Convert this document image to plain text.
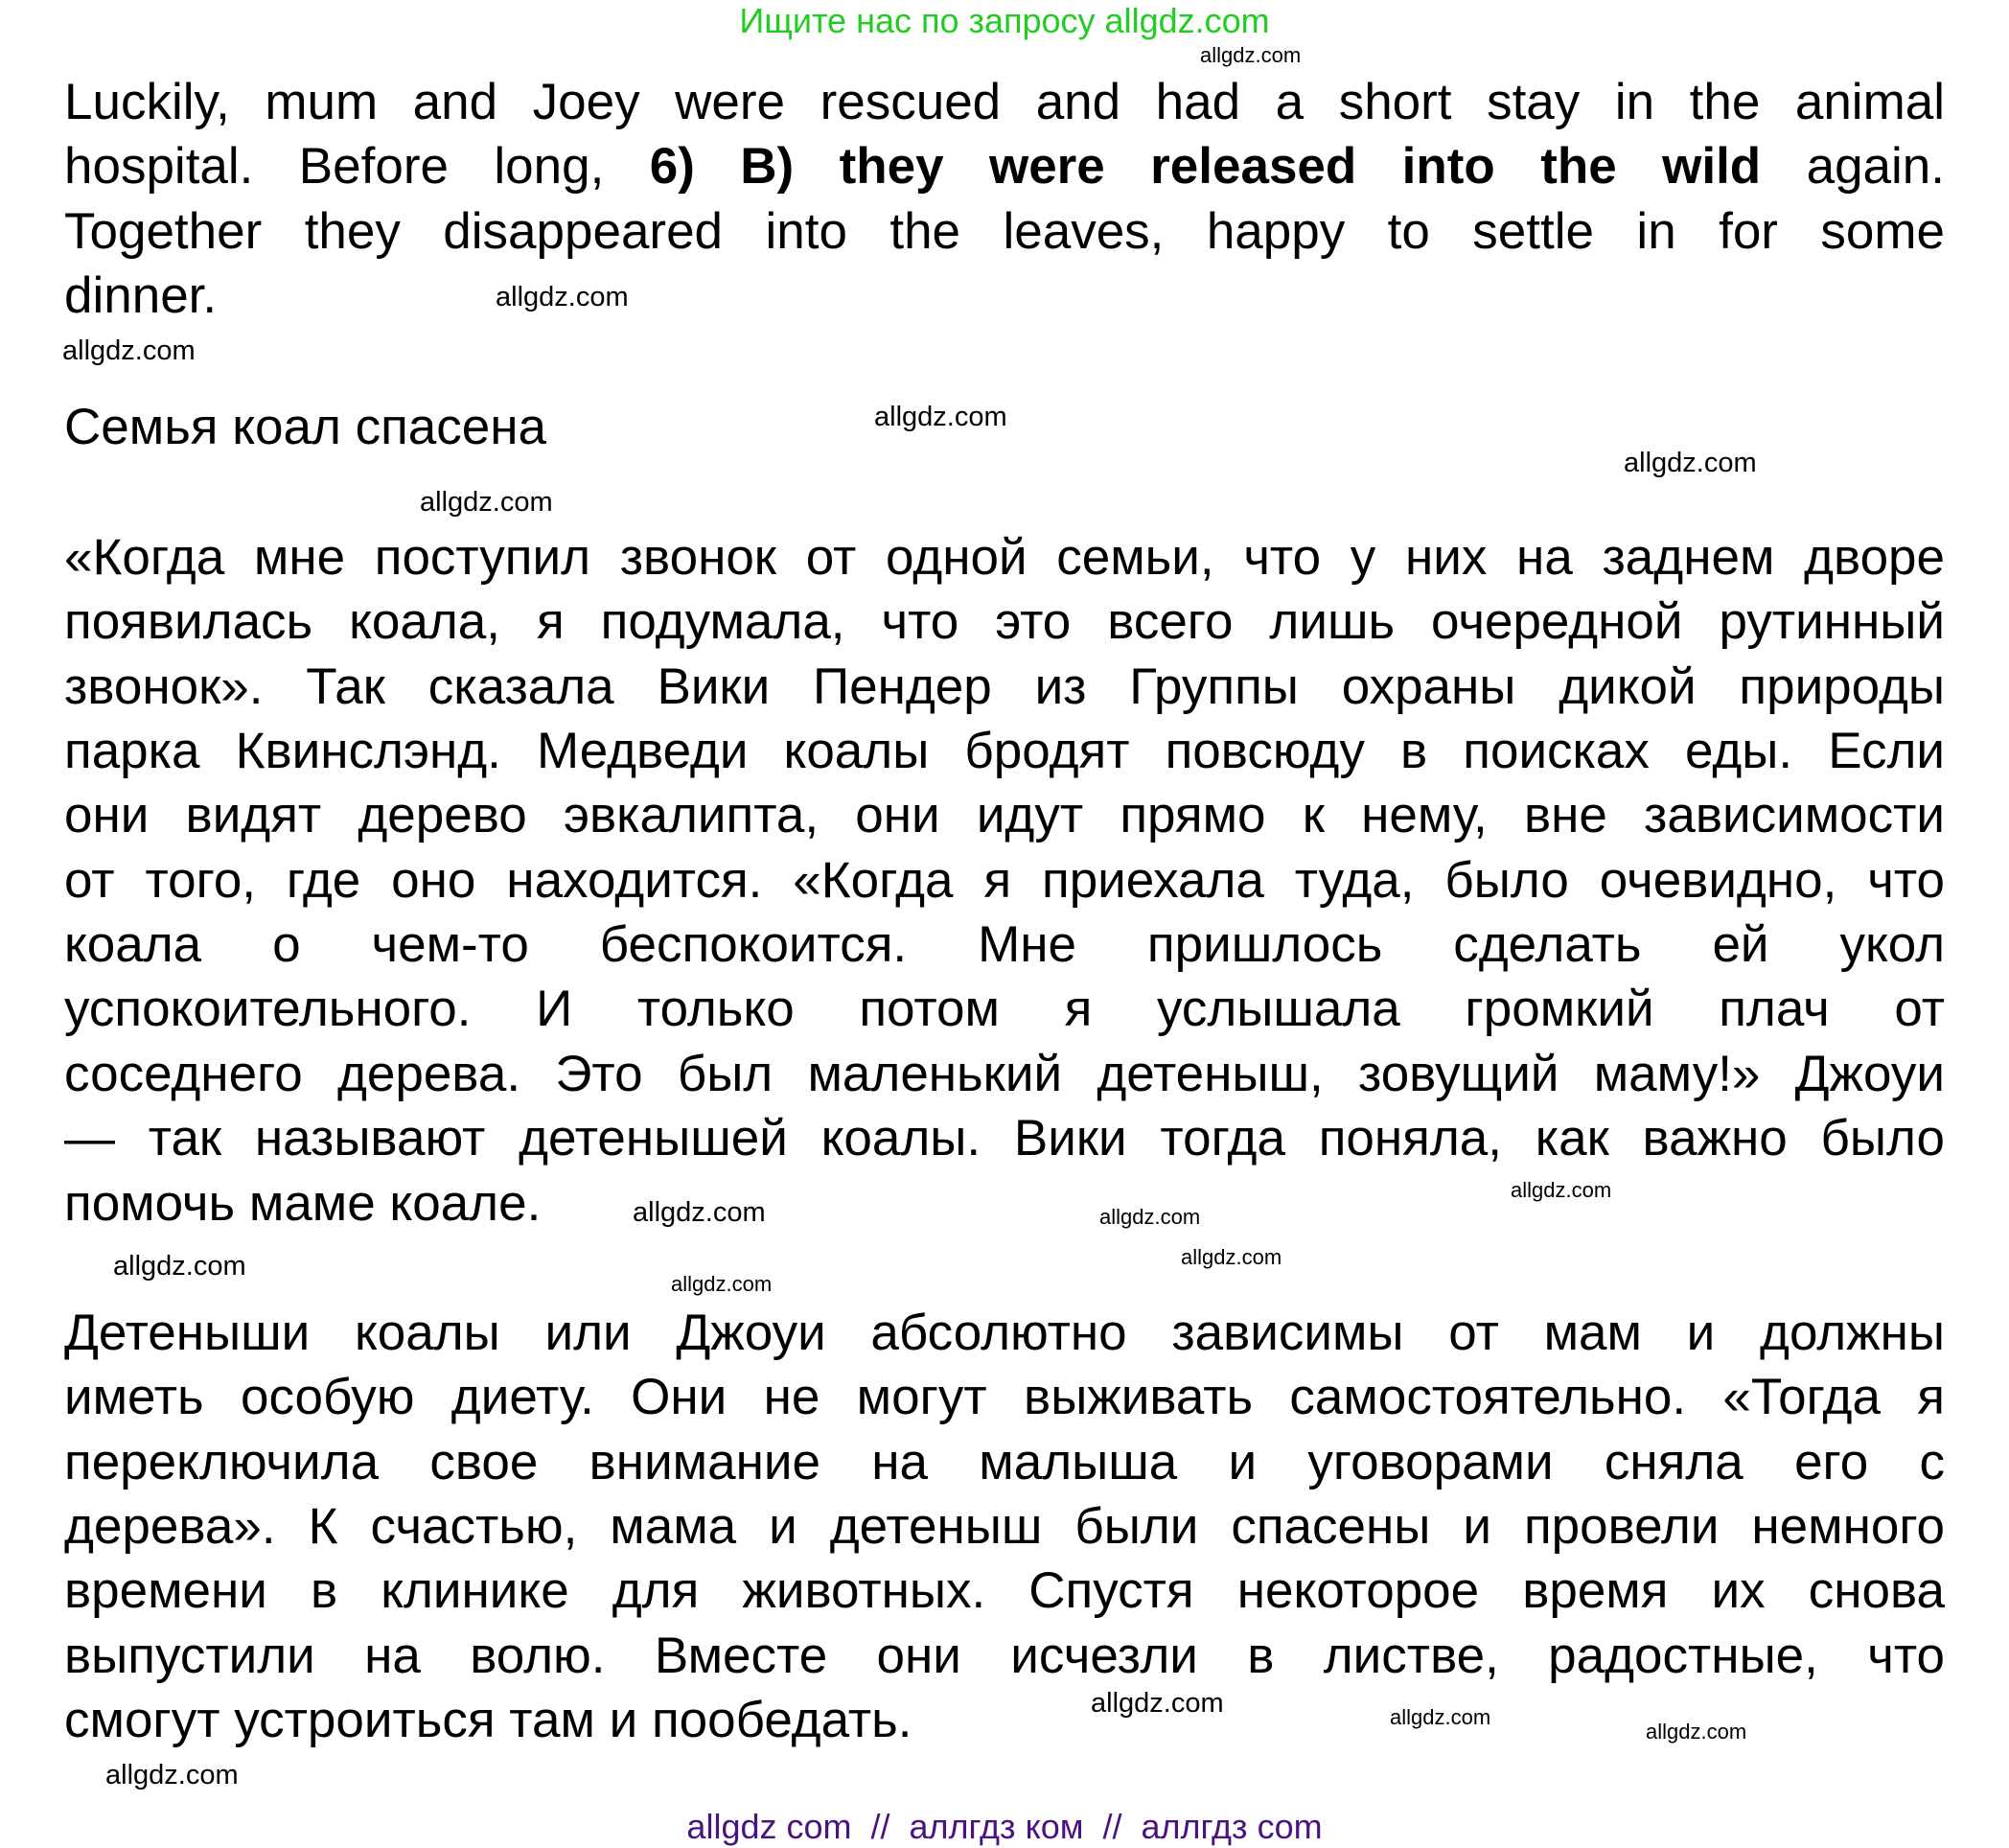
Ищите нас по запросу allgdz.com
Luckily, mum and Joey were rescued and had a short stay in the animal
hospital. Before long, 6) B) they were released into the wild again.
Together they disappeared into the leaves, happy to settle in for some
dinner.
«Когда мне поступил звонок от одной семьи, что у них на заднем дворе
появилась коала, я подумала, что это всего лишь очередной рутинный
звонок». Так сказала Вики Пендер из Группы охраны дикой природы
парка Квинслэнд. Медведи коалы бродят повсюду в поисках еды. Если
они видят дерево эвкалипта, они идут прямо к нему, вне зависимости
от того, где оно находится. «Когда я приехала туда, было очевидно, что
коала о чем-то беспокоится. Мне пришлось сделать ей укол
успокоительного. И только потом я услышала громкий плач от
соседнего дерева. Это был маленький детеныш, зовущий маму!» Джоуи
— так называют детенышей коалы. Вики тогда поняла, как важно было
помочь маме коале.
Детеныши коалы или Джоуи абсолютно зависимы от мам и должны
иметь особую диету. Они не могут выживать самостоятельно. «Тогда я
переключила свое внимание на малыша и уговорами сняла его с
дерева». К счастью, мама и детеныш были спасены и провели немного
времени в клинике для животных. Спустя некоторое время их снова
выпустили на волю. Вместе они исчезли в листве, радостные, что
смогут устроиться там и пообедать.
Семья коал спасена
allgdz.com
allgdz.com
allgdz.com
allgdz.com
allgdz.com
allgdz.com
allgdz.com
allgdz.com
allgdz.com
allgdz.com
allgdz.com
allgdz.com
allgdz.com
allgdz.com
allgdz.com
allgdz.com
allgdz com  //  аллгдз ком  //  аллгдз com
